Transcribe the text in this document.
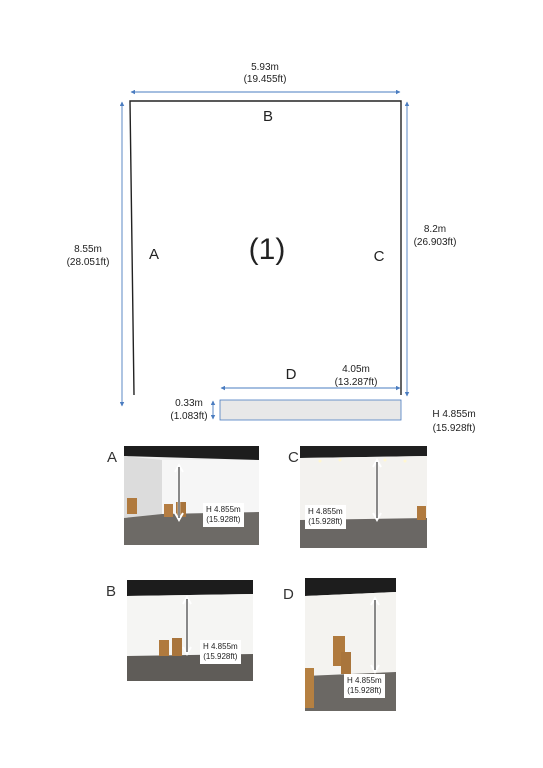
5.93m
(19.455ft)
8.55m
(28.051ft)
8.2m
(26.903ft)
4.05m
(13.287ft)
0.33m
(1.083ft)	H 4.855m
(15.928ft)
B
A	C
D
(1)
A
H 4.855m
(15.928ft)
C
H 4.855m
(15.928ft)
B
H 4.855m
(15.928ft)
D
H 4.855m
(15.928ft)
